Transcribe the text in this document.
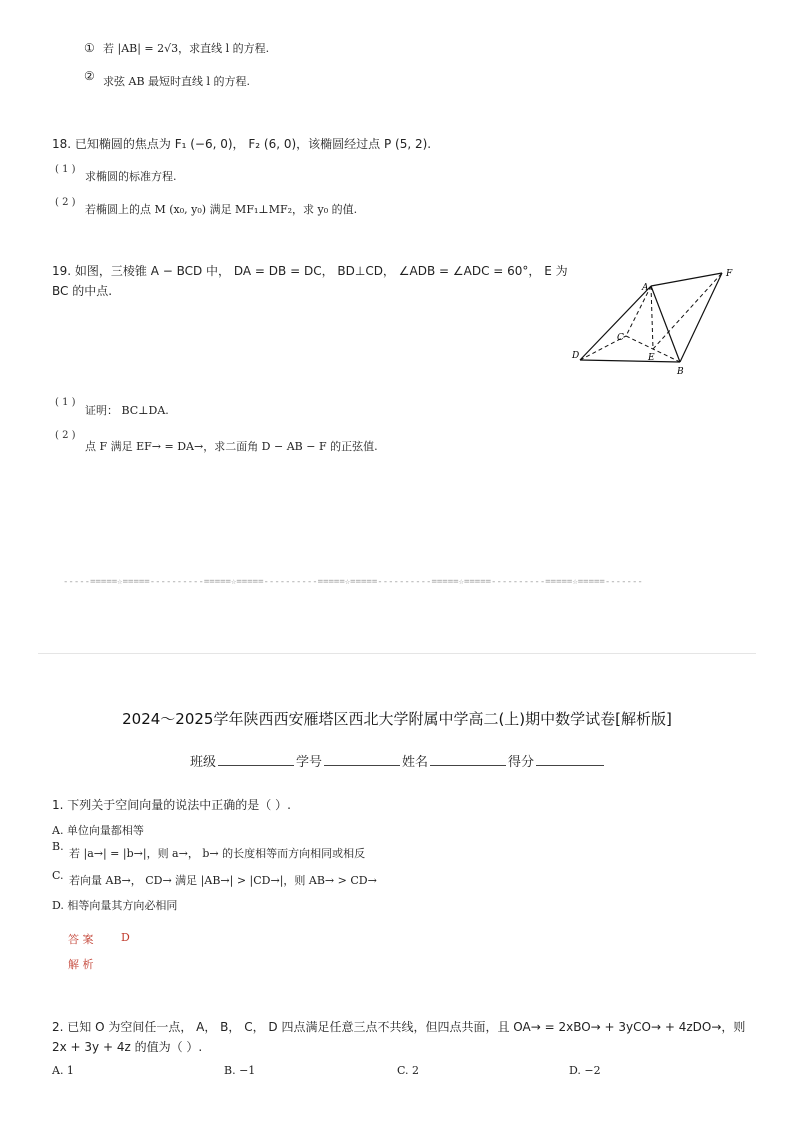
① 若 |AB| = 2√3，求直线 l 的方程.
② 求弦 AB 最短时直线 l 的方程.
18. 已知椭圆的焦点为 F₁ (−6, 0)， F₂ (6, 0)，该椭圆经过点 P (5, 2).
( 1 )
求椭圆的标准方程.
( 2 )
若椭圆上的点 M (x₀, y₀) 满足 MF₁⊥MF₂，求 y₀ 的值.
19. 如图，三棱锥 A − BCD 中， DA = DB = DC， BD⊥CD， ∠ADB = ∠ADC = 60°， E 为
BC 的中点.	A
B
C
D	E
F
( 1 )
证明： BC⊥DA.
( 2 )
点 F 满足 EF→ = DA→，求二面角 D − AB − F 的正弦值.
-----=====☆=====----------=====☆=====----------=====☆=====----------=====☆=====----------=====☆=====-------
2024～2025学年陕西西安雁塔区西北大学附属中学高二(上)期中数学试卷[解析版]
班级	学号	姓名	得分
1. 下列关于空间向量的说法中正确的是（ ）.
A. 单位向量都相等
B.
若 |a→| = |b→|，则 a→， b→ 的长度相等而方向相同或相反
C. 若向量 AB→， CD→ 满足 |AB→| > |CD→|，则 AB→ > CD→
D. 相等向量其方向必相同
答 案	D
解 析
2. 已知 O 为空间任一点， A， B， C， D 四点满足任意三点不共线，但四点共面，且 OA→ = 2xBO→ + 3yCO→ + 4zDO→，则
2x + 3y + 4z 的值为（ ）.
A. 1	B. −1	C. 2	D. −2
